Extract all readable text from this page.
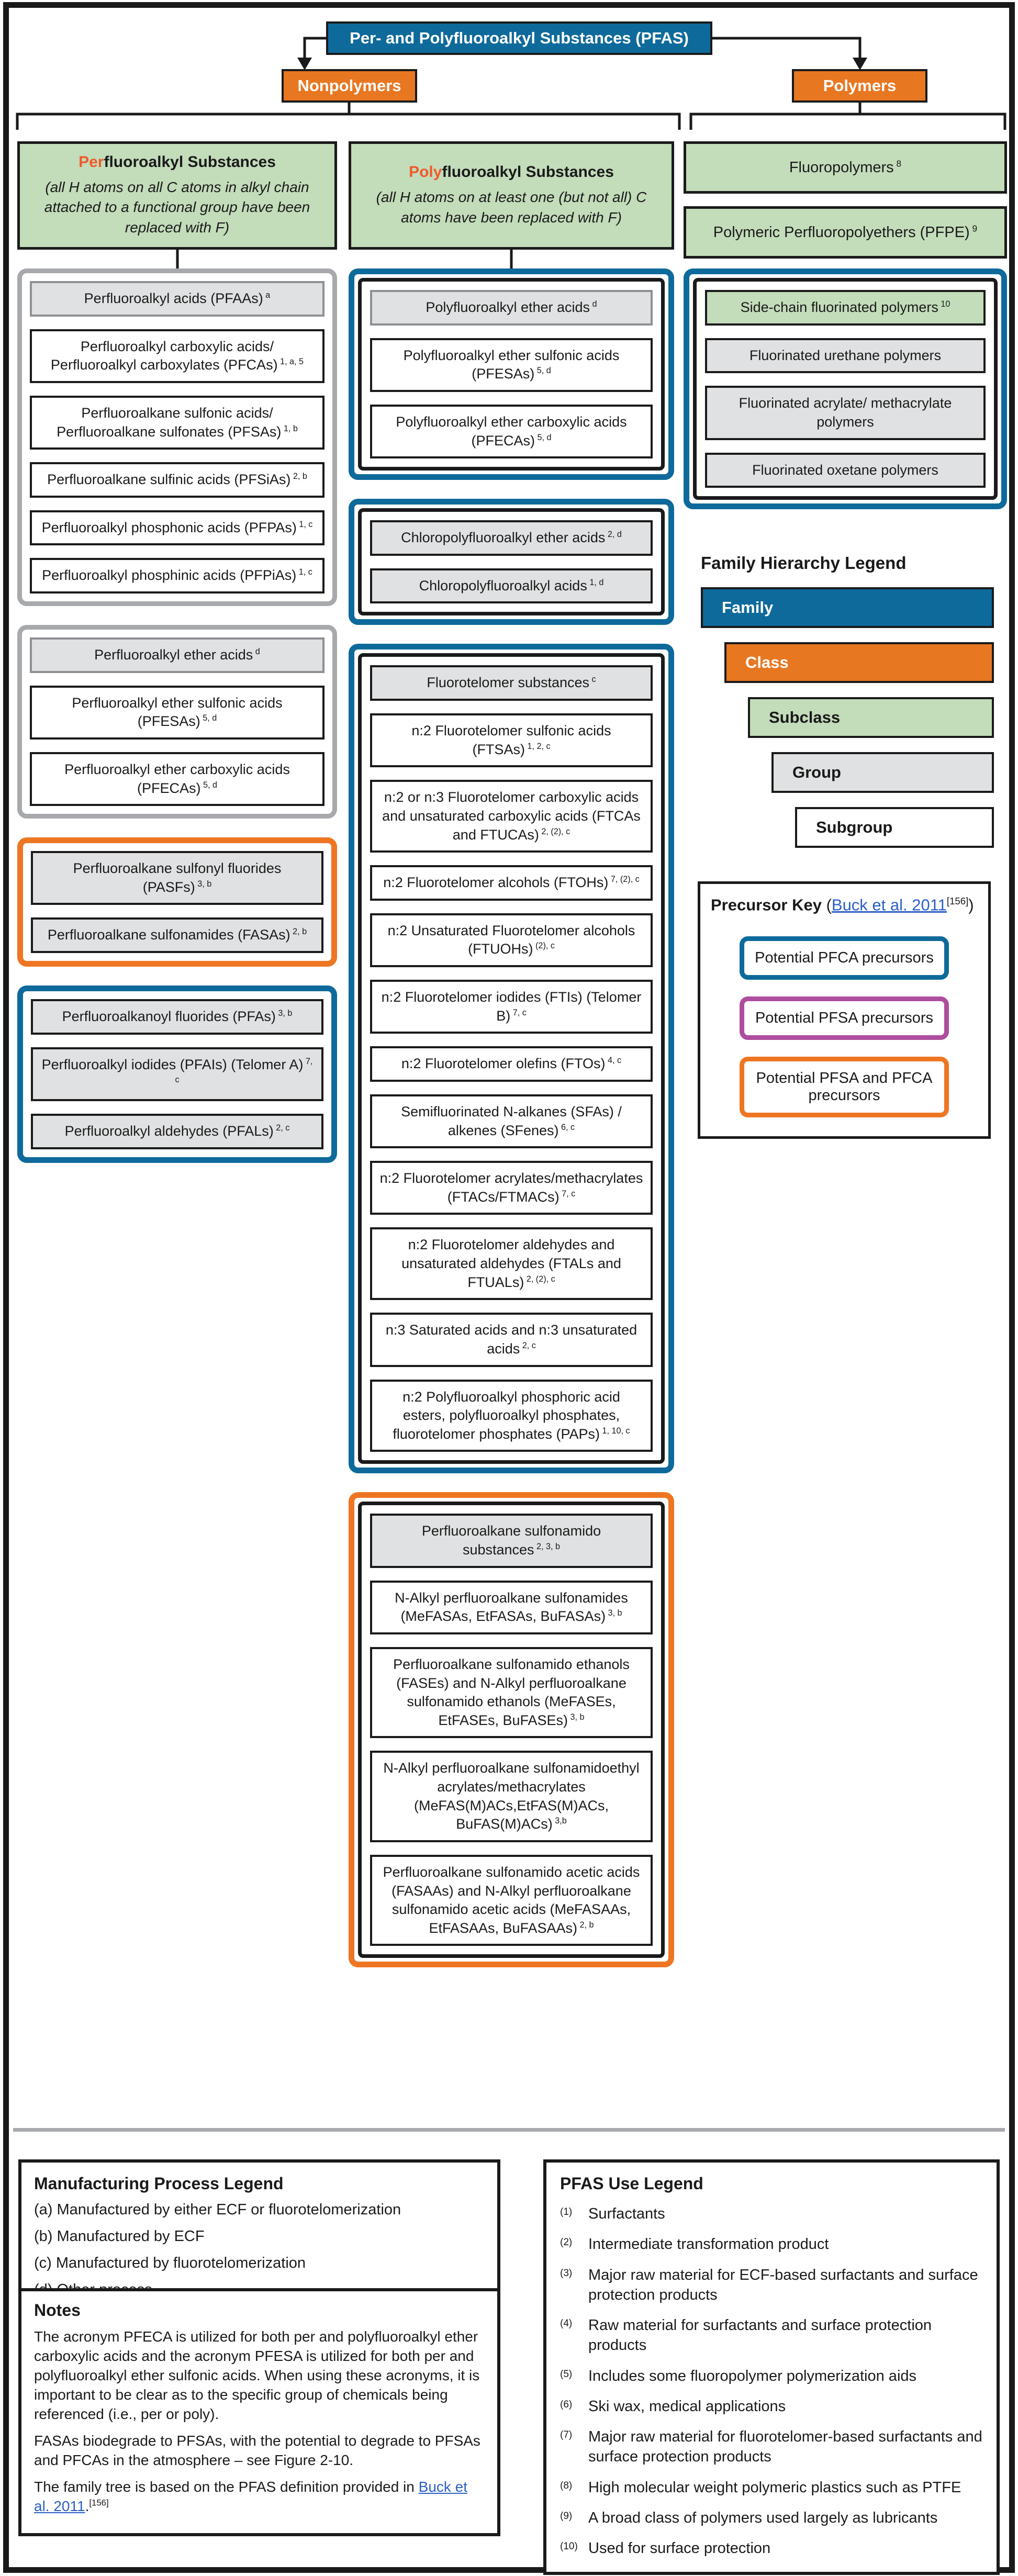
Per- and Polyfluoroalkyl Substances (PFAS)
Nonpolymers	Polymers
Perfluoroalkyl Substances
(all H atoms on all C atoms in alkyl chain attached to a functional group have been replaced with F)
Perfluoroalkyl acids (PFAAs) $^a$
Perfluoroalkyl carboxylic acids/ Perfluoroalkyl carboxylates (PFCAs) $^{1, a, 5}$
Perfluoroalkane sulfonic acids/ Perfluoroalkane sulfonates (PFSAs) $^{1, b}$
Perfluoroalkane sulfinic acids (PFSiAs) $^{2, b}$
Perfluoroalkyl phosphonic acids (PFPAs) $^{1, c}$
Perfluoroalkyl phosphinic acids (PFPiAs) $^{1, c}$
Perfluoroalkyl ether acids $^d$
Perfluoroalkyl ether sulfonic acids (PFESAs) $^{5, d}$
Perfluoroalkyl ether carboxylic acids (PFECAs) $^{5, d}$
Perfluoroalkane sulfonyl fluorides (PASFs) $^{3, b}$
Perfluoroalkane sulfonamides (FASAs) $^{2, b}$
Perfluoroalkanoyl fluorides (PFAs) $^{3, b}$
Perfluoroalkyl iodides (PFAIs) (Telomer A) $^{7, c}$
Perfluoroalkyl aldehydes (PFALs) $^{2, c}$
Polyfluoroalkyl Substances
(all H atoms on at least one (but not all) C atoms have been replaced with F)
Polyfluoroalkyl ether acids $^d$
Polyfluoroalkyl ether sulfonic acids (PFESAs) $^{5, d}$
Polyfluoroalkyl ether carboxylic acids (PFECAs) $^{5, d}$
Chloropolyfluoroalkyl ether acids $^{2, d}$
Chloropolyfluoroalkyl acids $^{1, d}$
Fluorotelomer substances $^c$
n:2 Fluorotelomer sulfonic acids (FTSAs) $^{1, 2, c}$
n:2 or n:3 Fluorotelomer carboxylic acids and unsaturated carboxylic acids (FTCAs and FTUCAs) $^{2, (2), c}$
n:2 Fluorotelomer alcohols (FTOHs) $^{7, (2), c}$
n:2 Unsaturated Fluorotelomer alcohols (FTUOHs) $^{(2), c}$
n:2 Fluorotelomer iodides (FTIs) (Telomer B) $^{7, c}$
n:2 Fluorotelomer olefins (FTOs) $^{4, c}$
Semifluorinated N-alkanes (SFAs) / alkenes (SFenes) $^{6, c}$
n:2 Fluorotelomer acrylates/methacrylates (FTACs/FTMACs) $^{7, c}$
n:2 Fluorotelomer aldehydes and unsaturated aldehydes (FTALs and FTUALs) $^{2, (2), c}$
n:3 Saturated acids and n:3 unsaturated acids $^{2, c}$
n:2 Polyfluoroalkyl phosphoric acid esters, polyfluoroalkyl phosphates, fluorotelomer phosphates (PAPs) $^{1, 10, c}$
Perfluoroalkane sulfonamido substances $^{2, 3, b}$
N-Alkyl perfluoroalkane sulfonamides (MeFASAs, EtFASAs, BuFASAs) $^{3, b}$
Perfluoroalkane sulfonamido ethanols (FASEs) and N-Alkyl perfluoroalkane sulfonamido ethanols (MeFASEs, EtFASEs, BuFASEs) $^{3, b}$
N-Alkyl perfluoroalkane sulfonamidoethyl acrylates/methacrylates (MeFAS(M)ACs,EtFAS(M)ACs, BuFAS(M)ACs) $^{3,b}$
Perfluoroalkane sulfonamido acetic acids (FASAAs) and N-Alkyl perfluoroalkane sulfonamido acetic acids (MeFASAAs, EtFASAAs, BuFASAAs) $^{2, b}$
Fluoropolymers $^8$
Polymeric Perfluoropolyethers (PFPE) $^9$
Side-chain fluorinated polymers $^{10}$
Fluorinated urethane polymers
Fluorinated acrylate/ methacrylate polymers
Fluorinated oxetane polymers
Family Hierarchy Legend
Family
Class
Subclass
Group
Subgroup
Precursor Key (Buck et al. 2011[156])
Potential PFCA precursors
Potential PFSA precursors
Potential PFSA and PFCA precursors
Manufacturing Process Legend
(a) Manufactured by either ECF or fluorotelomerization
(b) Manufactured by ECF
(c) Manufactured by fluorotelomerization
Notes

The acronym PFECA is utilized for both per and polyfluoroalkyl ether carboxylic acids and the acronym PFESA is utilized for both per and polyfluoroalkyl ether sulfonic acids. When using these acronyms, it is important to be clear as to the specific group of chemicals being referenced (i.e., per or poly).

FASAs biodegrade to PFSAs, with the potential to degrade to PFSAs and PFCAs in the atmosphere – see Figure 2-10.

The family tree is based on the PFAS definition provided in Buck et al. 2011.[156]

PFAS Use Legend
(1)	Surfactants
(2)	Intermediate transformation product
(3)	Major raw material for ECF-based surfactants and surface protection products
(4)	Raw material for surfactants and surface protection products
(5)	Includes some fluoropolymer polymerization aids
(6)	Ski wax, medical applications
(7)	Major raw material for fluorotelomer-based surfactants and surface protection products
(8)	High molecular weight polymeric plastics such as PTFE
(9)	A broad class of polymers used largely as lubricants
(10) Used for surface protection
